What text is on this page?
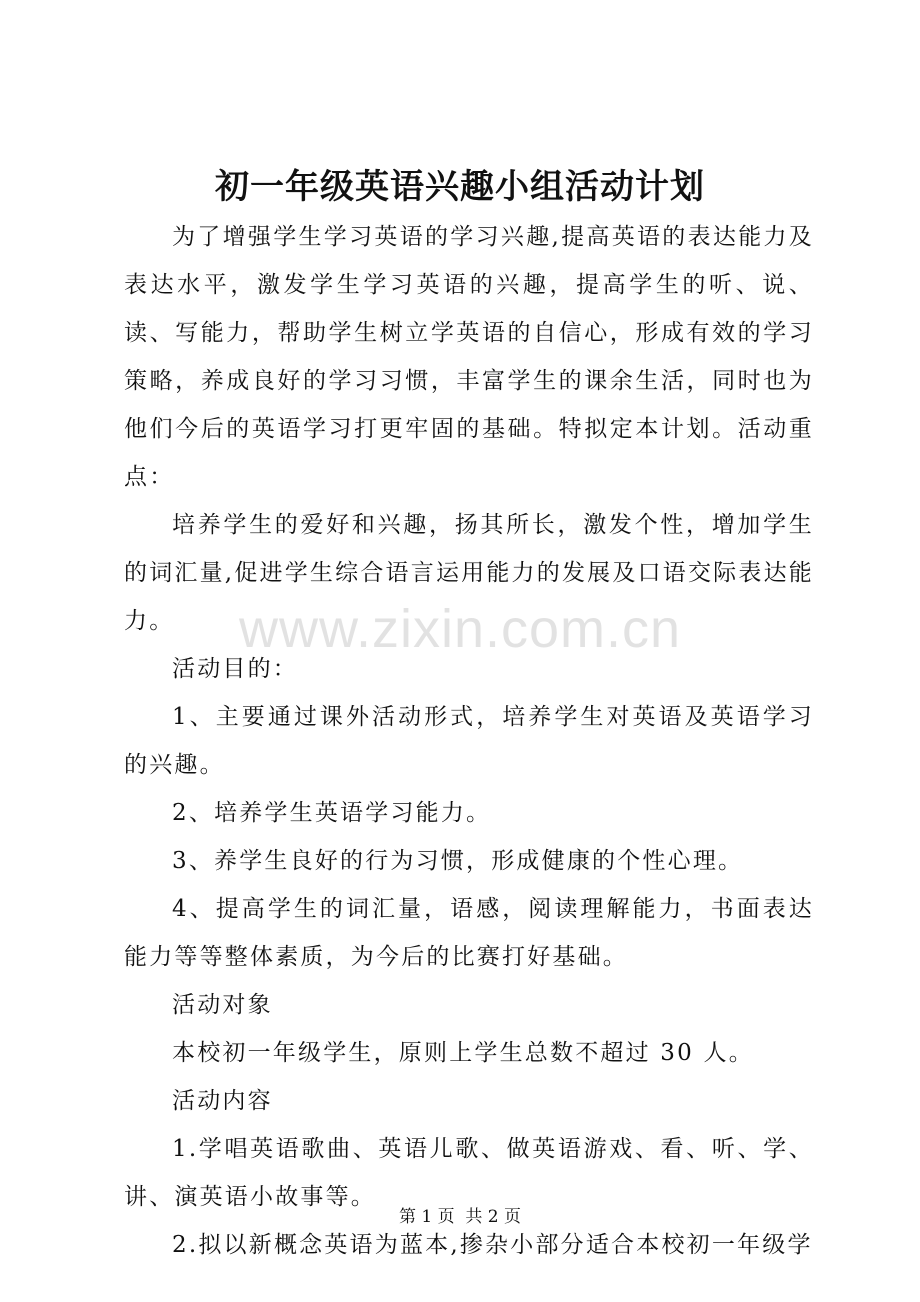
初一年级英语兴趣小组活动计划

为了增强学生学习英语的学习兴趣,提高英语的表达能力及表达水平，激发学生学习英语的兴趣，提高学生的听、说、读、写能力，帮助学生树立学英语的自信心，形成有效的学习策略，养成良好的学习习惯，丰富学生的课余生活，同时也为他们今后的英语学习打更牢固的基础。特拟定本计划。活动重点：

培养学生的爱好和兴趣，扬其所长，激发个性，增加学生的词汇量,促进学生综合语言运用能力的发展及口语交际表达能力。

活动目的：

1、主要通过课外活动形式，培养学生对英语及英语学习的兴趣。

2、培养学生英语学习能力。

3、养学生良好的行为习惯，形成健康的个性心理。

4、提高学生的词汇量，语感，阅读理解能力，书面表达能力等等整体素质，为今后的比赛打好基础。

活动对象

本校初一年级学生，原则上学生总数不超过 30 人。

活动内容

1.学唱英语歌曲、英语儿歌、做英语游戏、看、听、学、讲、演英语小故事等。

2.拟以新概念英语为蓝本,掺杂小部分适合本校初一年级学

www.zixin.com.cn
第 1 页  共 2 页
